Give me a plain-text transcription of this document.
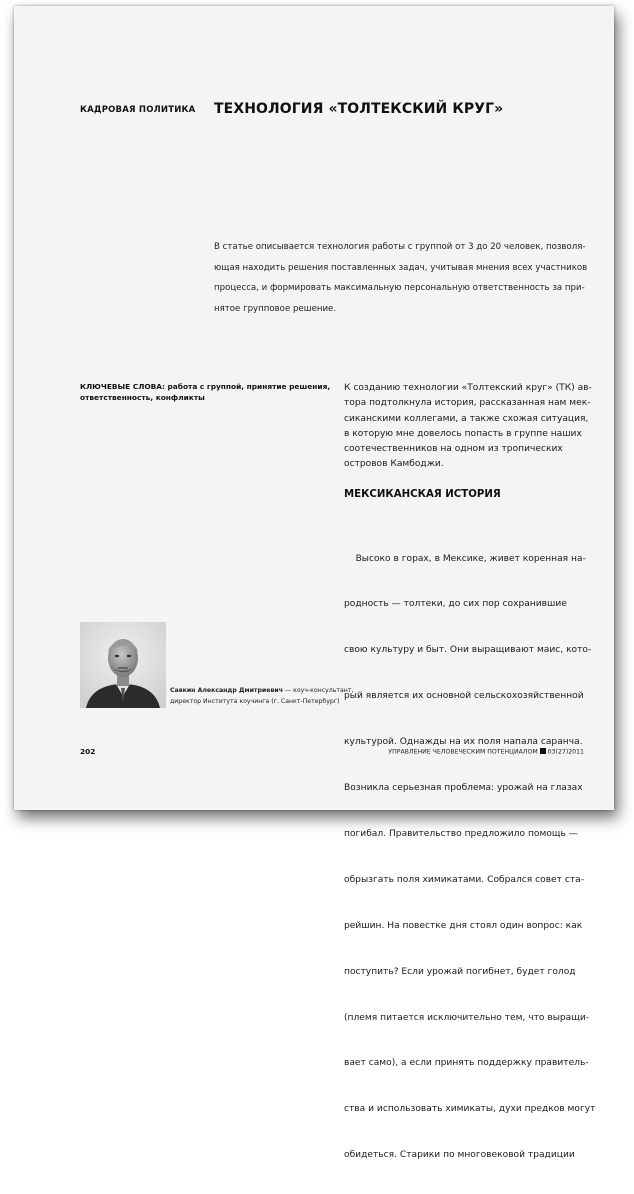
КАДРОВАЯ ПОЛИТИКА ТЕХНОЛОГИЯ «ТОЛТЕКСКИЙ КРУГ»
В статье описывается технология работы с группой от 3 до 20 человек, позволя-
ющая находить решения поставленных задач, учитывая мнения всех участников
процесса, и формировать максимальную персональную ответственность за при-
нятое групповое решение.
КЛЮЧЕВЫЕ СЛОВА: работа с группой, принятие решения,
ответственность, конфликты
К созданию технологии «Толтекский круг» (ТК) ав-
тора подтолкнула история, рассказанная нам мек-
сиканскими коллегами, а также схожая ситуация,
в которую мне довелось попасть в группе наших
соотечественников на одном из тропических
островов Камбоджи.
МЕКСИКАНСКАЯ ИСТОРИЯ

Высоко в горах, в Мексике, живет коренная на-

родность — толтеки, до сих пор сохранившие

свою культуру и быт. Они выращивают маис, кото-

рый является их основной сельскохозяйственной

культурой. Однажды на их поля напала саранча.

Возникла серьезная проблема: урожай на глазах

погибал. Правительство предложило помощь —

обрызгать поля химикатами. Собрался совет ста-

рейшин. На повестке дня стоял один вопрос: как

поступить? Если урожай погибнет, будет голод

(племя питается исключительно тем, что выращи-

вает само), а если принять поддержку правитель-

ства и использовать химикаты, духи предков могут

обидеться. Старики по многовековой традиции

Савкин Александр Дмитриевич — коуч-консультант,
директор Института коучинга (г. Санкт-Петербург)
202	УПРАВЛЕНИЕ ЧЕЛОВЕЧЕСКИМ ПОТЕНЦИАЛОМ 03(27)2011
